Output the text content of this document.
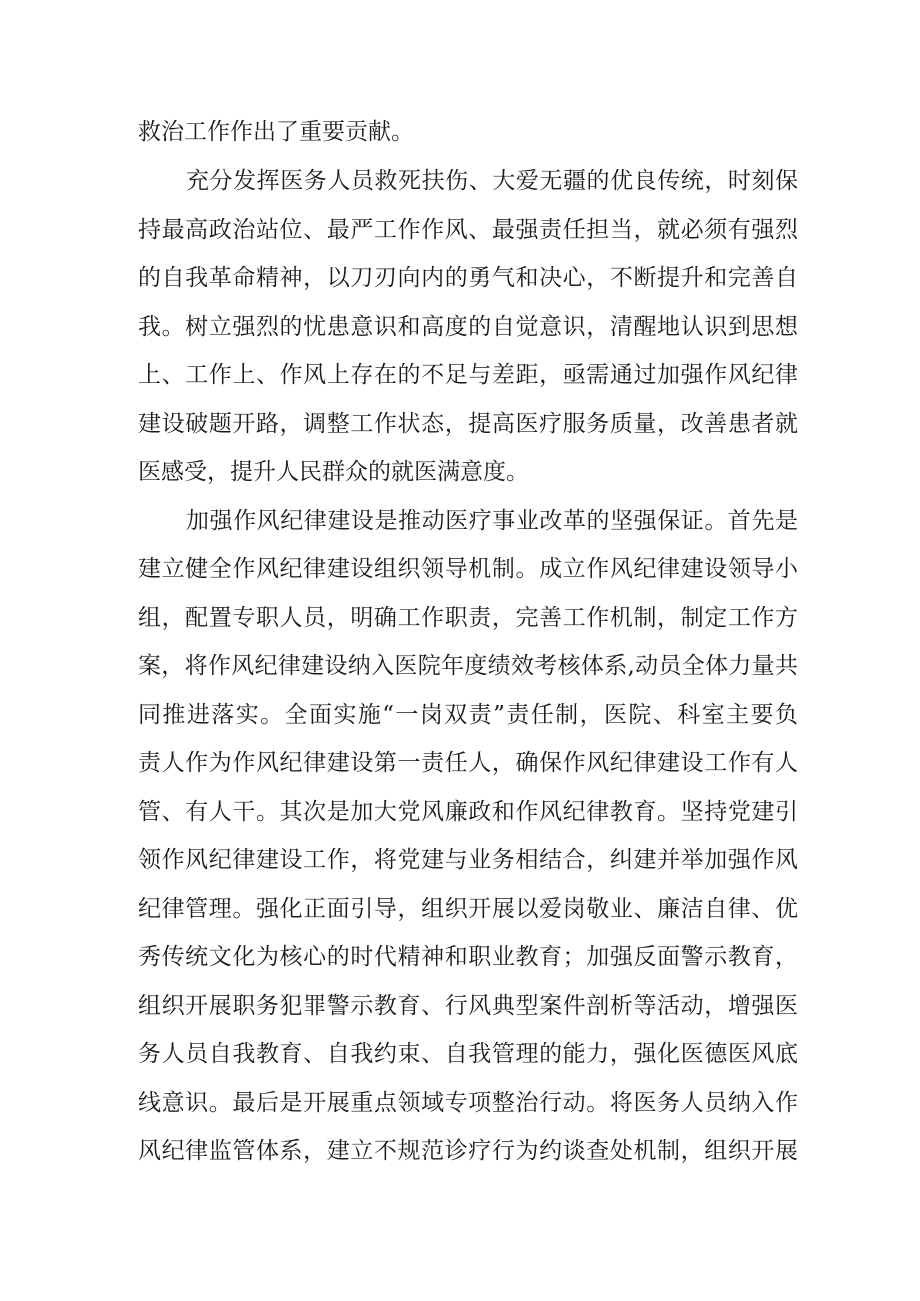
救治工作作出了重要贡献。

充分发挥医务人员救死扶伤、大爱无疆的优良传统，时刻保

持最高政治站位、最严工作作风、最强责任担当，就必须有强烈

的自我革命精神，以刀刃向内的勇气和决心，不断提升和完善自

我。树立强烈的忧患意识和高度的自觉意识，清醒地认识到思想

上、工作上、作风上存在的不足与差距，亟需通过加强作风纪律

建设破题开路，调整工作状态，提高医疗服务质量，改善患者就

医感受，提升人民群众的就医满意度。

加强作风纪律建设是推动医疗事业改革的坚强保证。首先是

建立健全作风纪律建设组织领导机制。成立作风纪律建设领导小

组，配置专职人员，明确工作职责，完善工作机制，制定工作方

案，将作风纪律建设纳入医院年度绩效考核体系,动员全体力量共

同推进落实。全面实施“一岗双责”责任制，医院、科室主要负

责人作为作风纪律建设第一责任人，确保作风纪律建设工作有人

管、有人干。其次是加大党风廉政和作风纪律教育。坚持党建引

领作风纪律建设工作，将党建与业务相结合，纠建并举加强作风

纪律管理。强化正面引导，组织开展以爱岗敬业、廉洁自律、优

秀传统文化为核心的时代精神和职业教育；加强反面警示教育，

组织开展职务犯罪警示教育、行风典型案件剖析等活动，增强医

务人员自我教育、自我约束、自我管理的能力，强化医德医风底

线意识。最后是开展重点领域专项整治行动。将医务人员纳入作

风纪律监管体系，建立不规范诊疗行为约谈查处机制，组织开展
